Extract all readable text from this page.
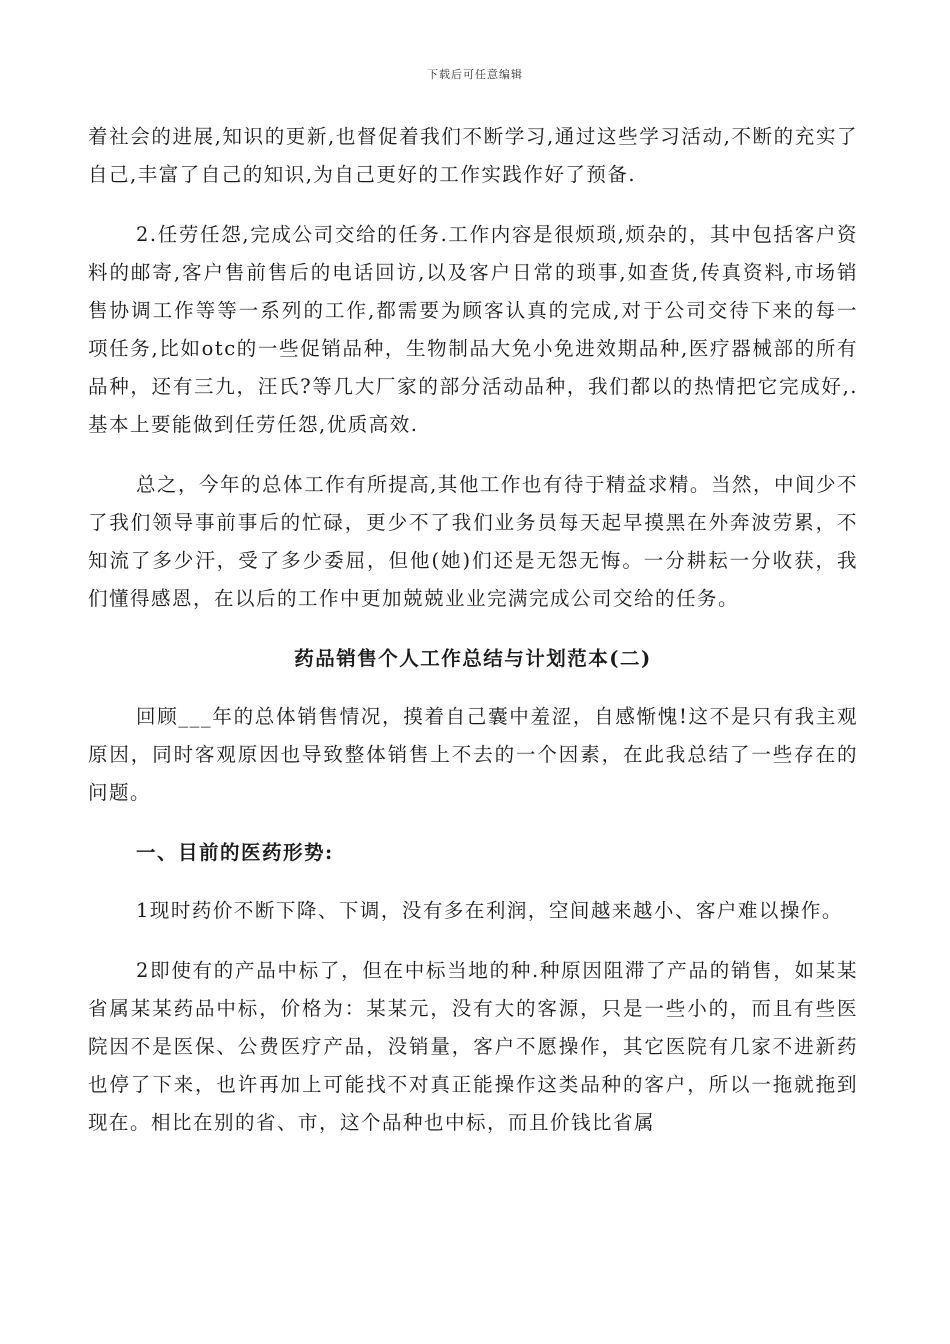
下载后可任意编辑

着社会的进展,知识的更新,也督促着我们不断学习,通过这些学习活动,不断的充实了自己,丰富了自己的知识,为自己更好的工作实践作好了预备.

2.任劳任怨,完成公司交给的任务.工作内容是很烦琐,烦杂的，其中包括客户资料的邮寄,客户售前售后的电话回访,以及客户日常的琐事,如查货,传真资料,市场销售协调工作等等一系列的工作,都需要为顾客认真的完成,对于公司交待下来的每一项任务,比如otc的一些促销品种，生物制品大免小免进效期品种,医疗器械部的所有品种，还有三九，汪氏?等几大厂家的部分活动品种，我们都以的热情把它完成好,.基本上要能做到任劳任怨,优质高效.

总之，今年的总体工作有所提高,其他工作也有待于精益求精。当然，中间少不了我们领导事前事后的忙碌，更少不了我们业务员每天起早摸黑在外奔波劳累，不知流了多少汗，受了多少委屈，但他(她)们还是无怨无悔。一分耕耘一分收获，我们懂得感恩，在以后的工作中更加兢兢业业完满完成公司交给的任务。

药品销售个人工作总结与计划范本(二)

回顾___年的总体销售情况，摸着自己囊中羞涩，自感惭愧!这不是只有我主观原因，同时客观原因也导致整体销售上不去的一个因素，在此我总结了一些存在的问题。

一、目前的医药形势:

1现时药价不断下降、下调，没有多在利润，空间越来越小、客户难以操作。

2即使有的产品中标了，但在中标当地的种.种原因阻滞了产品的销售，如某某省属某某药品中标，价格为：某某元，没有大的客源，只是一些小的，而且有些医院因不是医保、公费医疗产品，没销量，客户不愿操作，其它医院有几家不进新药也停了下来，也许再加上可能找不对真正能操作这类品种的客户，所以一拖就拖到现在。相比在别的省、市，这个品种也中标，而且价钱比省属
